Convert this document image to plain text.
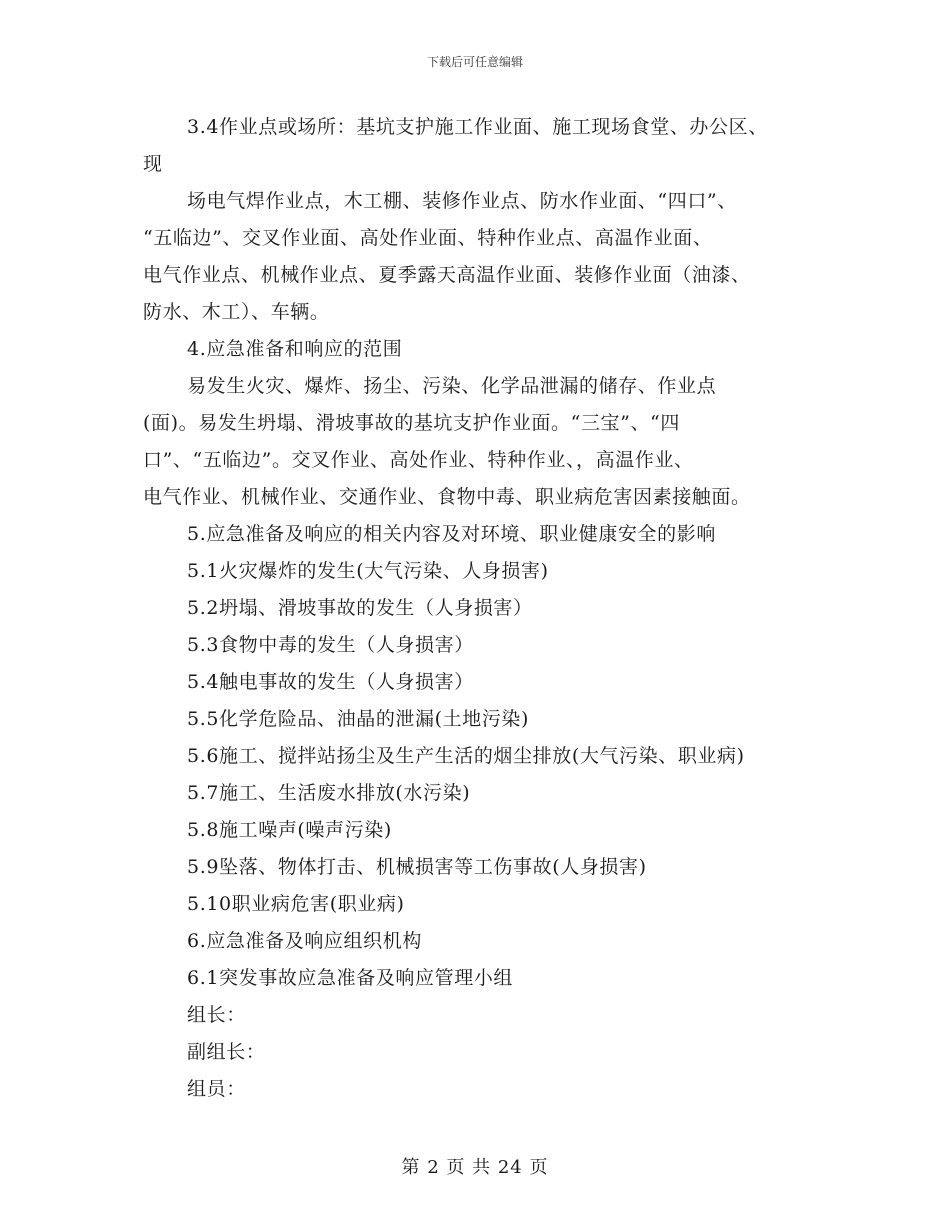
下载后可任意编辑
3.4作业点或场所：基坑支护施工作业面、施工现场食堂、办公区、
现
场电气焊作业点，木工棚、装修作业点、防水作业面、“四口”、
“五临边”、交叉作业面、高处作业面、特种作业点、高温作业面、
电气作业点、机械作业点、夏季露天高温作业面、装修作业面（油漆、
防水、木工）、车辆。
4.应急准备和响应的范围
易发生火灾、爆炸、扬尘、污染、化学品泄漏的储存、作业点
(面)。易发生坍塌、滑坡事故的基坑支护作业面。“三宝”、“四
口”、“五临边”。交叉作业、高处作业、特种作业、，高温作业、
电气作业、机械作业、交通作业、食物中毒、职业病危害因素接触面。
5.应急准备及响应的相关内容及对环境、职业健康安全的影响
5.1火灾爆炸的发生(大气污染、人身损害)
5.2坍塌、滑坡事故的发生（人身损害）
5.3食物中毒的发生（人身损害）
5.4触电事故的发生（人身损害）
5.5化学危险品、油晶的泄漏(土地污染)
5.6施工、搅拌站扬尘及生产生活的烟尘排放(大气污染、职业病)
5.7施工、生活废水排放(水污染)
5.8施工噪声(噪声污染)
5.9坠落、物体打击、机械损害等工伤事故(人身损害)
5.10职业病危害(职业病)
6.应急准备及响应组织机构
6.1突发事故应急准备及响应管理小组
组长：
副组长：
组员：
第 2 页 共 24 页
